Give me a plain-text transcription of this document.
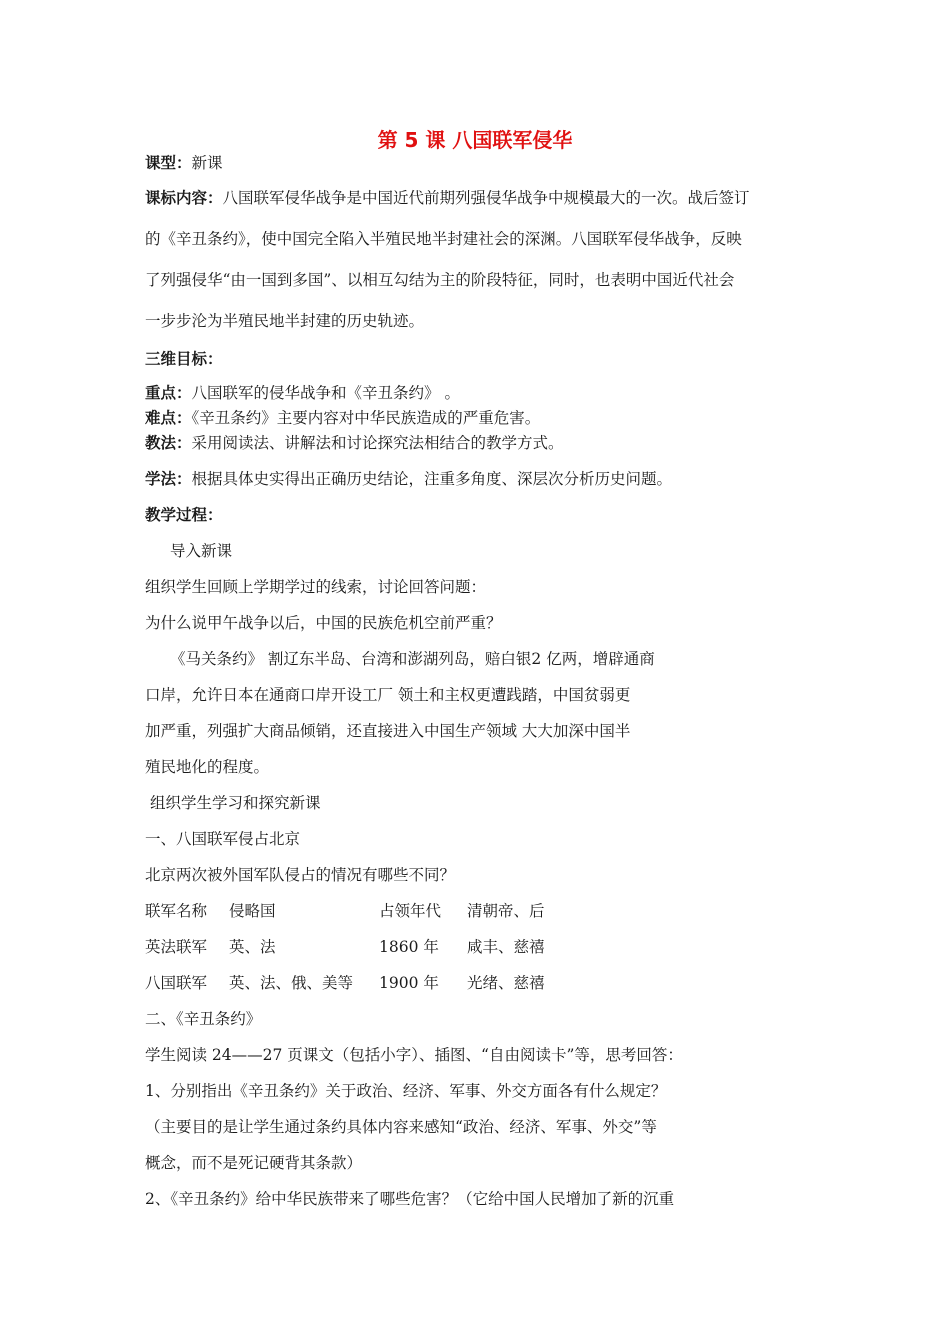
第 5 课 八国联军侵华
课型：新课
课标内容：八国联军侵华战争是中国近代前期列强侵华战争中规模最大的一次。战后签订
的《辛丑条约》，使中国完全陷入半殖民地半封建社会的深渊。八国联军侵华战争，反映
了列强侵华“由一国到多国”、以相互勾结为主的阶段特征，同时，也表明中国近代社会
一步步沦为半殖民地半封建的历史轨迹。
三维目标：
重点：八国联军的侵华战争和《辛丑条约》 。
难点：《辛丑条约》主要内容对中华民族造成的严重危害。
教法：采用阅读法、讲解法和讨论探究法相结合的教学方式。
学法：根据具体史实得出正确历史结论，注重多角度、深层次分析历史问题。
教学过程：
导入新课
组织学生回顾上学期学过的线索，讨论回答问题：
为什么说甲午战争以后，中国的民族危机空前严重？
《马关条约》 割辽东半岛、台湾和澎湖列岛，赔白银2 亿两，增辟通商
口岸，允许日本在通商口岸开设工厂 领土和主权更遭践踏，中国贫弱更
加严重，列强扩大商品倾销，还直接进入中国生产领域 大大加深中国半
殖民地化的程度。
组织学生学习和探究新课
一、八国联军侵占北京
北京两次被外国军队侵占的情况有哪些不同？
联军名称 侵略国	占领年代 清朝帝、后
英法联军 英、法	1860 年 咸丰、慈禧
八国联军 英、法、俄、美等 1900 年 光绪、慈禧
二、《辛丑条约》
学生阅读 24——27 页课文（包括小字）、插图、“自由阅读卡”等，思考回答：
1、分别指出《辛丑条约》关于政治、经济、军事、外交方面各有什么规定？
（主要目的是让学生通过条约具体内容来感知“政治、经济、军事、外交”等
概念，而不是死记硬背其条款）
2、《辛丑条约》给中华民族带来了哪些危害？（它给中国人民增加了新的沉重
